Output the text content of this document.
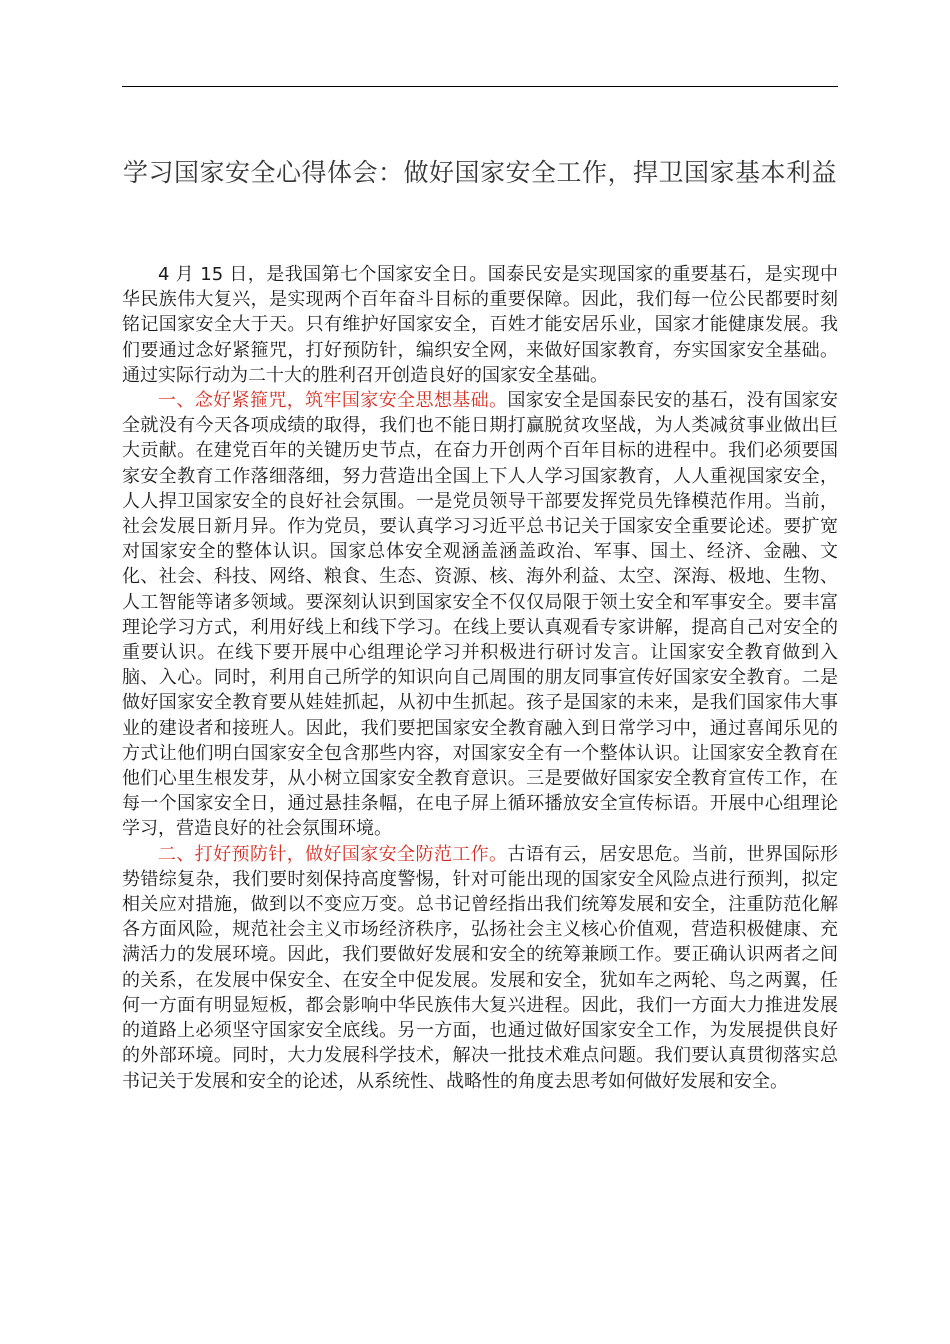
学习国家安全心得体会：做好国家安全工作，捍卫国家基本利益

4 月 15 日，是我国第七个国家安全日。国泰民安是实现国家的重要基石，是实现中华民族伟大复兴，是实现两个百年奋斗目标的重要保障。因此，我们每一位公民都要时刻铭记国家安全大于天。只有维护好国家安全，百姓才能安居乐业，国家才能健康发展。我们要通过念好紧箍咒，打好预防针，编织安全网，来做好国家教育，夯实国家安全基础。通过实际行动为二十大的胜利召开创造良好的国家安全基础。

一、念好紧箍咒，筑牢国家安全思想基础。国家安全是国泰民安的基石，没有国家安全就没有今天各项成绩的取得，我们也不能日期打赢脱贫攻坚战，为人类减贫事业做出巨大贡献。在建党百年的关键历史节点，在奋力开创两个百年目标的进程中。我们必须要国家安全教育工作落细落细，努力营造出全国上下人人学习国家教育，人人重视国家安全，人人捍卫国家安全的良好社会氛围。一是党员领导干部要发挥党员先锋模范作用。当前，社会发展日新月异。作为党员，要认真学习习近平总书记关于国家安全重要论述。要扩宽对国家安全的整体认识。国家总体安全观涵盖涵盖政治、军事、国土、经济、金融、文化、社会、科技、网络、粮食、生态、资源、核、海外利益、太空、深海、极地、生物、人工智能等诸多领域。要深刻认识到国家安全不仅仅局限于领土安全和军事安全。要丰富理论学习方式，利用好线上和线下学习。在线上要认真观看专家讲解，提高自己对安全的重要认识。在线下要开展中心组理论学习并积极进行研讨发言。让国家安全教育做到入脑、入心。同时，利用自己所学的知识向自己周围的朋友同事宣传好国家安全教育。二是做好国家安全教育要从娃娃抓起，从初中生抓起。孩子是国家的未来，是我们国家伟大事业的建设者和接班人。因此，我们要把国家安全教育融入到日常学习中，通过喜闻乐见的方式让他们明白国家安全包含那些内容，对国家安全有一个整体认识。让国家安全教育在他们心里生根发芽，从小树立国家安全教育意识。三是要做好国家安全教育宣传工作，在每一个国家安全日，通过悬挂条幅，在电子屏上循环播放安全宣传标语。开展中心组理论学习，营造良好的社会氛围环境。

二、打好预防针，做好国家安全防范工作。古语有云，居安思危。当前，世界国际形势错综复杂，我们要时刻保持高度警惕，针对可能出现的国家安全风险点进行预判，拟定相关应对措施，做到以不变应万变。总书记曾经指出我们统筹发展和安全，注重防范化解各方面风险，规范社会主义市场经济秩序，弘扬社会主义核心价值观，营造积极健康、充满活力的发展环境。因此，我们要做好发展和安全的统筹兼顾工作。要正确认识两者之间的关系，在发展中保安全、在安全中促发展。发展和安全，犹如车之两轮、鸟之两翼，任何一方面有明显短板，都会影响中华民族伟大复兴进程。因此，我们一方面大力推进发展的道路上必须坚守国家安全底线。另一方面，也通过做好国家安全工作，为发展提供良好的外部环境。同时，大力发展科学技术，解决一批技术难点问题。我们要认真贯彻落实总书记关于发展和安全的论述，从系统性、战略性的角度去思考如何做好发展和安全。
